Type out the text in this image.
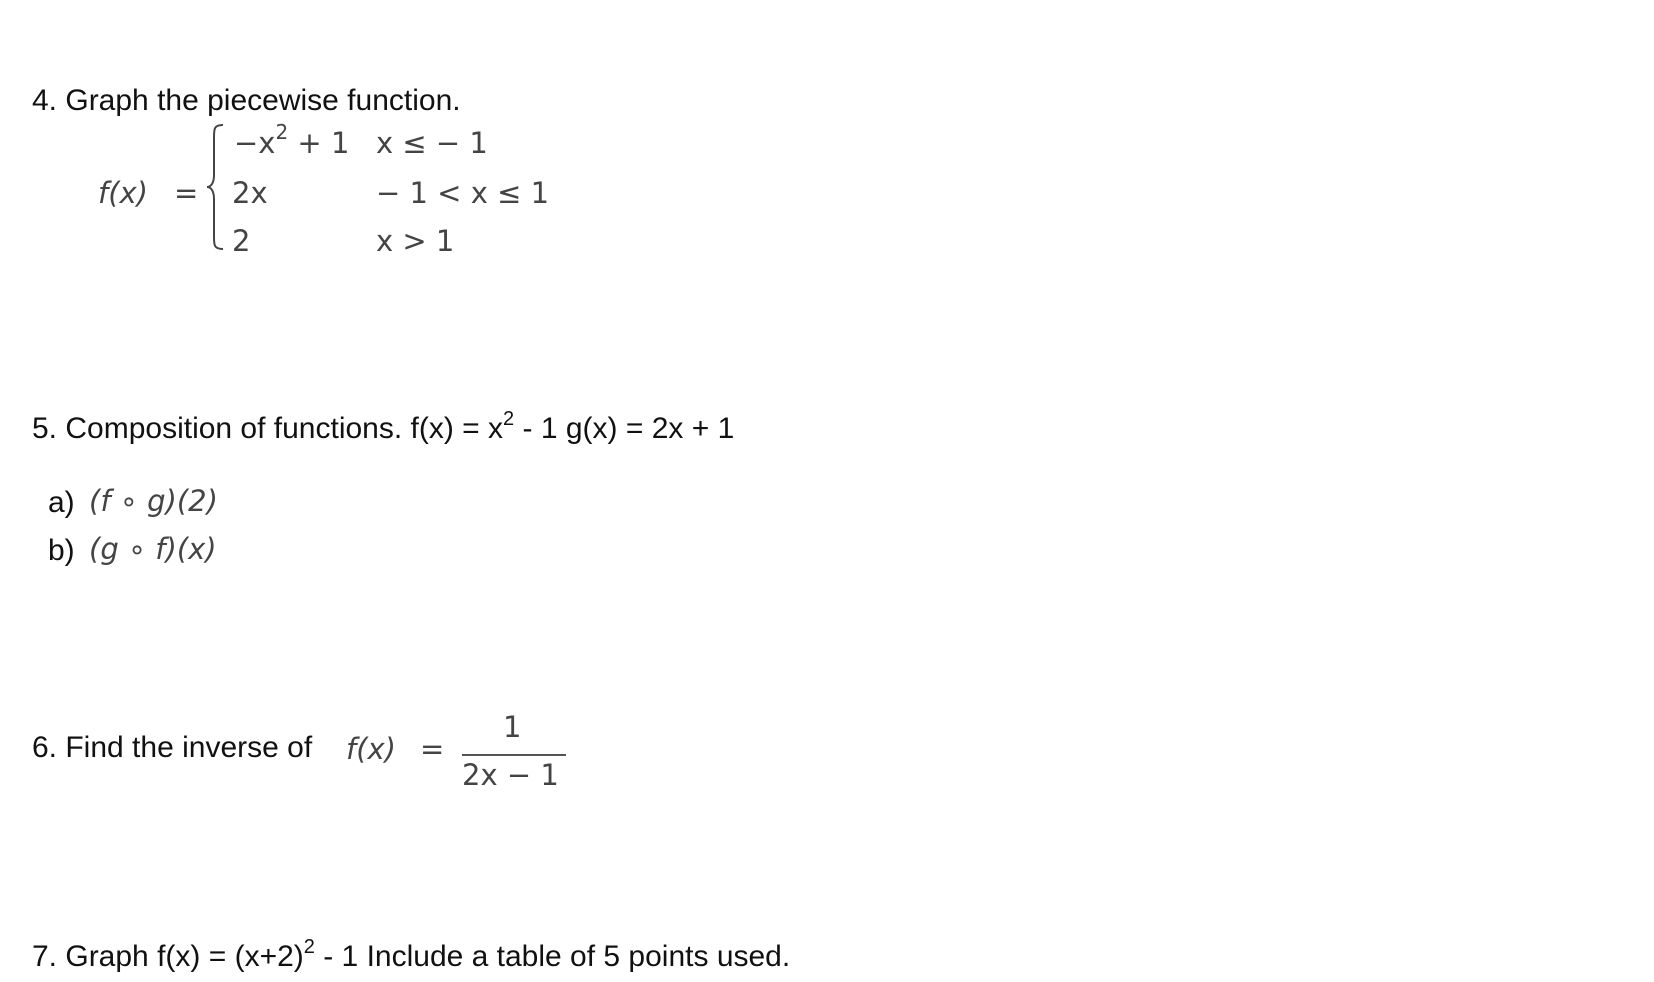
4. Graph the piecewise function.
f(x) =
$-x^2 + 1$ x ≤ − 1
2x	− 1 < x ≤ 1
2	x > 1
5. Composition of functions. $f(x) = x^2 - 1$ g(x) = 2x + 1
a) (f ∘ g)(2)
b) (g ∘ f)(x)
6. Find the inverse of f(x) =
1
2x − 1
7. Graph $f(x) = (x+2)^2 - 1$ Include a table of 5 points used.
